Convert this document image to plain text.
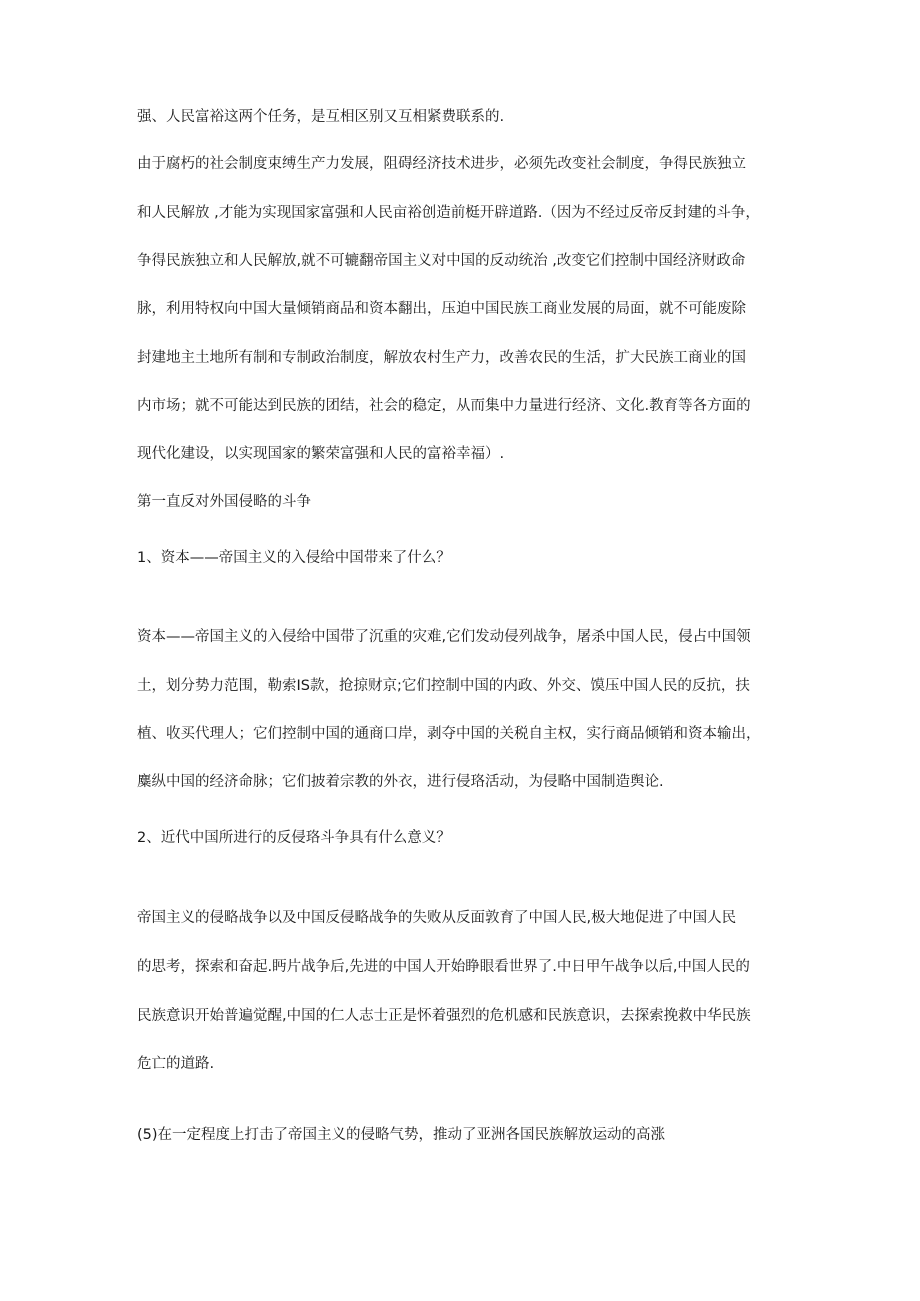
强、人民富裕这两个任务，是互相区别又互相紧费联系的.
由于腐朽的社会制度束缚生产力发展，阻碍经济技术进步，必须先改变社会制度，争得民族独立
和人民解放 ,才能为实现国家富强和人民亩裕创造前梃开辟道路.（因为不经过反帝反封建的斗争，
争得民族独立和人民解放,就不可辘翻帝国主义对中国的反动统治 ,改变它们控制中国经济财政命
脉，利用特权向中国大量倾销商品和资本翻出，压迫中国民族工商业发展的局面，就不可能废除
封建地主土地所有制和专制政治制度，解放农村生产力，改善农民的生活，扩大民族工商业的国
内市场；就不可能达到民族的团结，社会的稳定，从而集中力量进行经济、文化.教育等各方面的
现代化建设，以实现国家的繁荣富强和人民的富裕幸福）.
第一直反对外国侵略的斗争
1、资本——帝国主义的入侵给中国带来了什么？
资本——帝国主义的入侵给中国带了沉重的灾难,它们发动侵列战争，屠杀中国人民，侵占中国领
土，划分势力范围，勒索IS款，抢掠财京;它们控制中国的内政、外交、馍压中国人民的反抗，扶
植、收买代理人；它们控制中国的通商口岸，剥夺中国的关税自主权，实行商品倾销和资本输出，
麋纵中国的经济命脉；它们披着宗教的外衣，进行侵珞活动，为侵略中国制造舆论.
2、近代中国所进行的反侵珞斗争具有什么意义？
帝国主义的侵略战争以及中国反侵略战争的失败从反面敦育了中国人民,极大地促进了中国人民
的思考，探索和奋起.眄片战争后,先进的中国人开始睁眼看世界了.中日甲午战争以后,中国人民的
民族意识开始普遍觉醒,中国的仁人志士正是怀着强烈的危机感和民族意识，去探索挽救中华民族
危亡的道路.
(5)在一定程度上打击了帝国主义的侵略气势，推动了亚洲各国民族解放运动的高涨
